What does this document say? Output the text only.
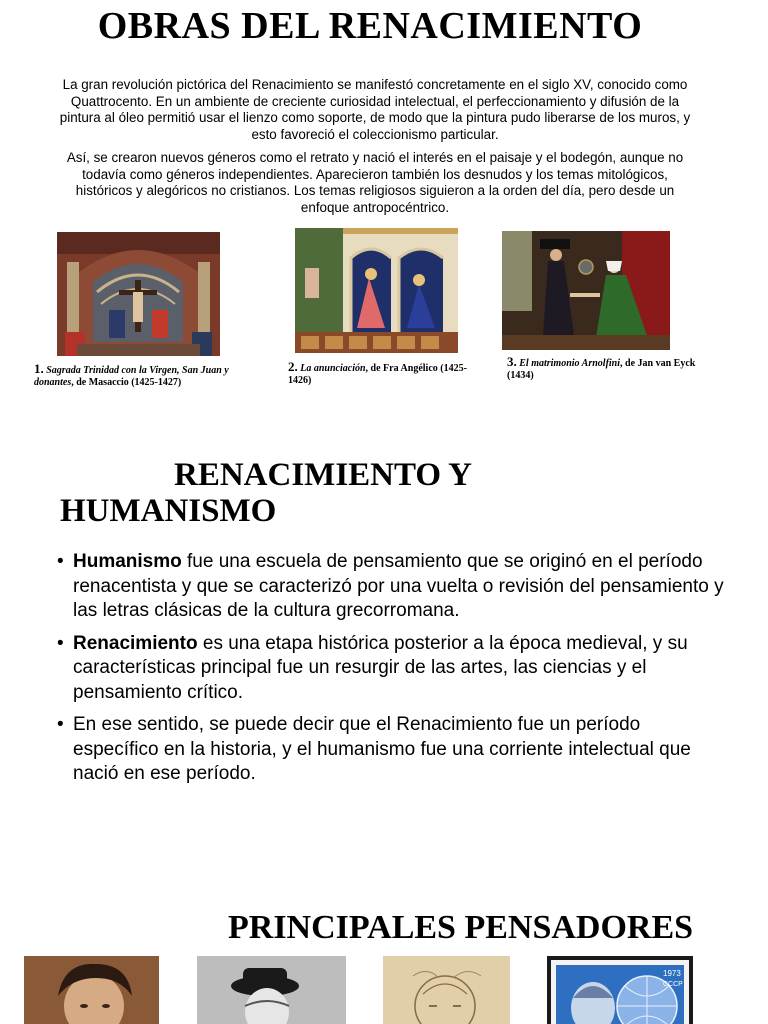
OBRAS DEL RENACIMIENTO
La gran revolución pictórica del Renacimiento se manifestó concretamente en el siglo XV, conocido como Quattrocento. En un ambiente de creciente curiosidad intelectual, el perfeccionamiento y difusión de la pintura al óleo permitió usar el lienzo como soporte, de modo que la pintura pudo liberarse de los muros, y esto favoreció el coleccionismo particular.
Así, se crearon nuevos géneros como el retrato y nació el interés en el paisaje y el bodegón, aunque no todavía como géneros independientes. Aparecieron también los desnudos y los temas mitológicos, históricos y alegóricos no cristianos. Los temas religiosos siguieron a la orden del día, pero desde un enfoque antropocéntrico.
1. Sagrada Trinidad con la Virgen, San Juan y donantes, de Masaccio (1425-1427)
2. La anunciación, de Fra Angélico (1425-1426)
3. El matrimonio Arnolfini, de Jan van Eyck (1434)
RENACIMIENTO Y
HUMANISMO
• Humanismo fue una escuela de pensamiento que se originó en el período renacentista y que se caracterizó por una vuelta o revisión del pensamiento y las letras clásicas de la cultura grecorromana.
• Renacimiento es una etapa histórica posterior a la época medieval, y su características principal fue un resurgir de las artes, las ciencias y el pensamiento crítico.
• En ese sentido, se puede decir que el Renacimiento fue un período específico en la historia, y el humanismo fue una corriente intelectual que nació en ese período.
PRINCIPALES PENSADORES
1973
CCCP
